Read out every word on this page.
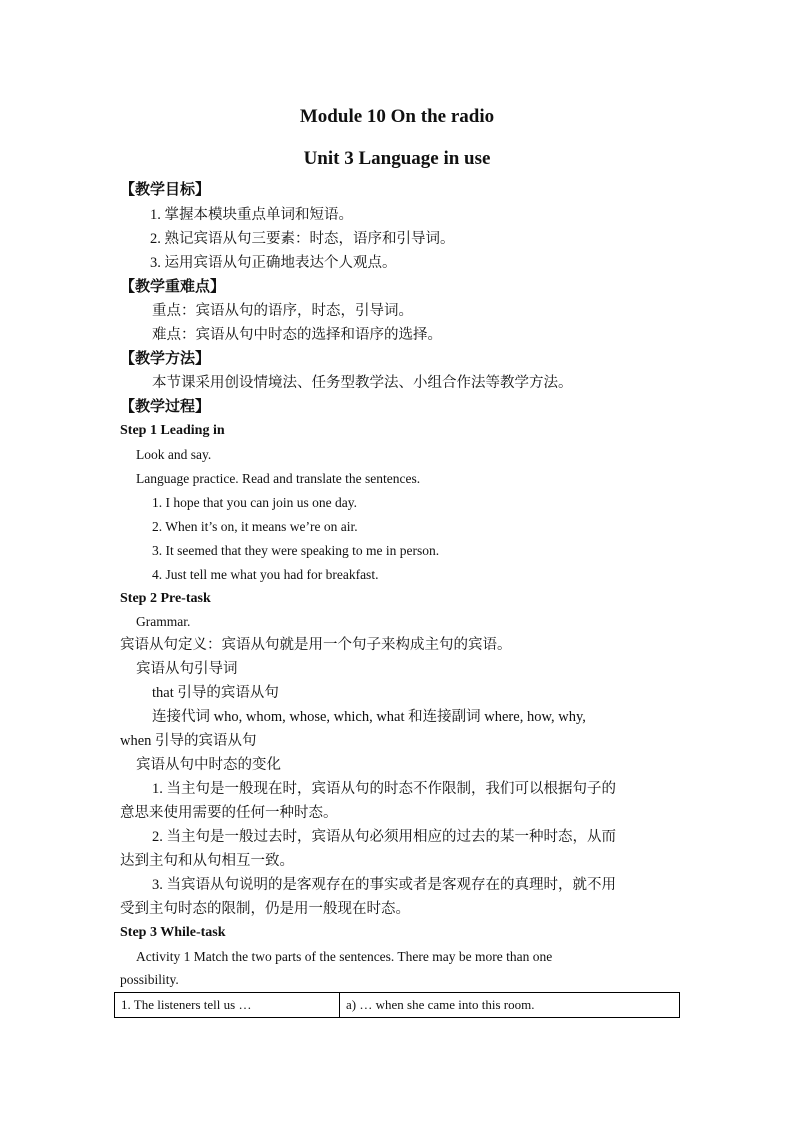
Module 10 On the radio
Unit 3 Language in use
【教学目标】
1. 掌握本模块重点单词和短语。
2. 熟记宾语从句三要素：时态，语序和引导词。
3. 运用宾语从句正确地表达个人观点。
【教学重难点】
重点：宾语从句的语序，时态，引导词。
难点：宾语从句中时态的选择和语序的选择。
【教学方法】
本节课采用创设情境法、任务型教学法、小组合作法等教学方法。
【教学过程】
Step 1 Leading in
Look and say.
Language practice. Read and translate the sentences.
1. I hope that you can join us one day.
2. When it’s on, it means we’re on air.
3. It seemed that they were speaking to me in person.
4. Just tell me what you had for breakfast.
Step 2 Pre-task
Grammar.
宾语从句定义：宾语从句就是用一个句子来构成主句的宾语。
宾语从句引导词
that 引导的宾语从句
连接代词 who, whom, whose, which, what 和连接副词 where, how, why,
when 引导的宾语从句
宾语从句中时态的变化
1. 当主句是一般现在时，宾语从句的时态不作限制，我们可以根据句子的
意思来使用需要的任何一种时态。
2. 当主句是一般过去时，宾语从句必须用相应的过去的某一种时态，从而
达到主句和从句相互一致。
3. 当宾语从句说明的是客观存在的事实或者是客观存在的真理时，就不用
受到主句时态的限制，仍是用一般现在时态。
Step 3 While-task
Activity 1 Match the two parts of the sentences. There may be more than one
possibility.
1. The listeners tell us …	a) … when she came into this room.
